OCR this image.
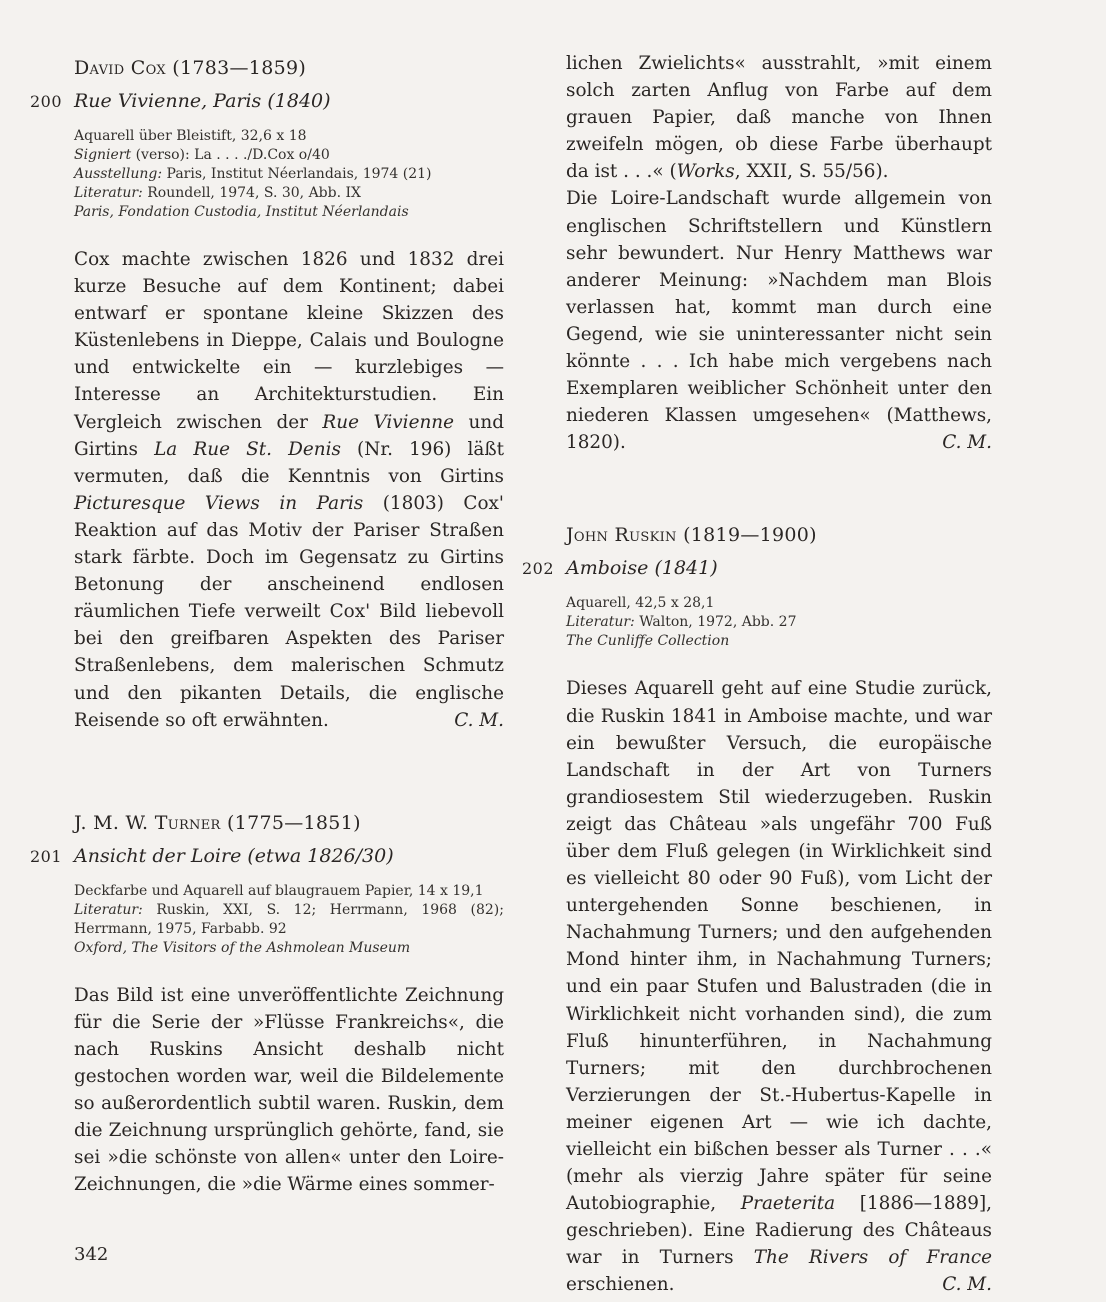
David Cox (1783—1859)
200 Rue Vivienne, Paris (1840)
Aquarell über Bleistift, 32,6 x 18
Signiert (verso): La . . . ./D.Cox o/40
Ausstellung: Paris, Institut Néerlandais, 1974 (21)
Literatur: Roundell, 1974, S. 30, Abb. IX
Paris, Fondation Custodia, Institut Néerlandais

Cox machte zwischen 1826 und 1832 drei kurze Besuche auf dem Kontinent; dabei entwarf er spontane kleine Skizzen des Küstenlebens in Dieppe, Calais und Boulogne und entwickelte ein — kurzlebiges — Interesse an Architekturstudien. Ein Vergleich zwischen der Rue Vivienne und Girtins La Rue St. Denis (Nr. 196) läßt vermuten, daß die Kenntnis von Girtins Picturesque Views in Paris (1803) Cox' Reaktion auf das Motiv der Pariser Straßen stark färbte. Doch im Gegensatz zu Girtins Betonung der anscheinend endlosen räumlichen Tiefe verweilt Cox' Bild liebevoll bei den greifbaren Aspekten des Pariser Straßenlebens, dem malerischen Schmutz und den pikanten Details, die englische Reisende so oft erwähnten.	C. M.

J. M. W. Turner (1775—1851)
201 Ansicht der Loire (etwa 1826/30)
Deckfarbe und Aquarell auf blaugrauem Papier, 14 x 19,1
Literatur: Ruskin, XXI, S. 12; Herrmann, 1968 (82); Herrmann, 1975, Farbabb. 92
Oxford, The Visitors of the Ashmolean Museum

Das Bild ist eine unveröffentlichte Zeichnung für die Serie der »Flüsse Frankreichs«, die nach Ruskins Ansicht deshalb nicht gestochen worden war, weil die Bildelemente so außerordentlich subtil waren. Ruskin, dem die Zeichnung ursprünglich gehörte, fand, sie sei »die schönste von allen« unter den Loire-Zeichnungen, die »die Wärme eines sommer-

lichen Zwielichts« ausstrahlt, »mit einem solch zarten Anflug von Farbe auf dem grauen Papier, daß manche von Ihnen zweifeln mögen, ob diese Farbe überhaupt da ist . . .« (Works, XXII, S. 55/56).

Die Loire-Landschaft wurde allgemein von englischen Schriftstellern und Künstlern sehr bewundert. Nur Henry Matthews war anderer Meinung: »Nachdem man Blois verlassen hat, kommt man durch eine Gegend, wie sie uninteressanter nicht sein könnte . . . Ich habe mich vergebens nach Exemplaren weiblicher Schönheit unter den niederen Klassen umgesehen« (Matthews, 1820).	C. M.

John Ruskin (1819—1900)
202 Amboise (1841)
Aquarell, 42,5 x 28,1
Literatur: Walton, 1972, Abb. 27
The Cunliffe Collection

Dieses Aquarell geht auf eine Studie zurück, die Ruskin 1841 in Amboise machte, und war ein bewußter Versuch, die europäische Landschaft in der Art von Turners grandiosestem Stil wiederzugeben. Ruskin zeigt das Château »als ungefähr 700 Fuß über dem Fluß gelegen (in Wirklichkeit sind es vielleicht 80 oder 90 Fuß), vom Licht der untergehenden Sonne beschienen, in Nachahmung Turners; und den aufgehenden Mond hinter ihm, in Nachahmung Turners; und ein paar Stufen und Balustraden (die in Wirklichkeit nicht vorhanden sind), die zum Fluß hinunterführen, in Nachahmung Turners; mit den durchbrochenen Verzierungen der St.-Hubertus-Kapelle in meiner eigenen Art — wie ich dachte, vielleicht ein bißchen besser als Turner . . .« (mehr als vierzig Jahre später für seine Autobiographie, Praeterita [1886—1889], geschrieben). Eine Radierung des Châteaus war in Turners The Rivers of France erschienen.	C. M.

342
